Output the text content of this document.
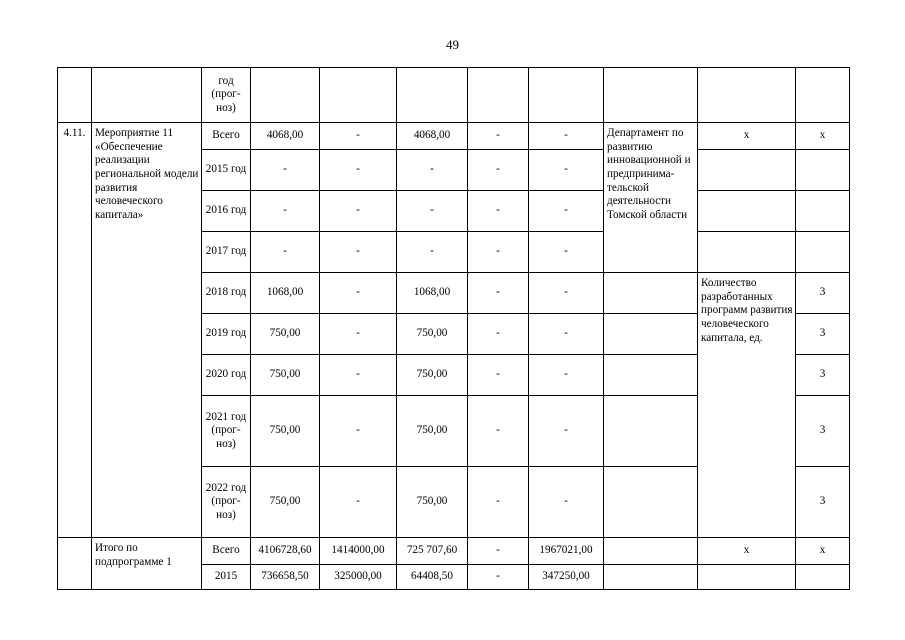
49
		год (прог-ноз)								
4.11.	Мероприятие 11 «Обеспечение реализации региональной модели развития человеческого капитала»	Всего	4068,00	-	4068,00	-	-	Департамент по развитию инновационной и предпринима-тельской деятельности Томской области	x	x
		2015 год	-	-	-	-	-			
		2016 год	-	-	-	-	-			
		2017 год	-	-	-	-	-			
		2018 год	1068,00	-	1068,00	-	-		Количество разработанных программ развития человеческого капитала, ед.	3
		2019 год	750,00	-	750,00	-	-			3
		2020 год	750,00	-	750,00	-	-			3
		2021 год (прог-ноз)	750,00	-	750,00	-	-			3
		2022 год (прог-ноз)	750,00	-	750,00	-	-			3
	Итого по подпрограмме 1	Всего	4106728,60	1414000,00	725 707,60	-	1967021,00		x	x
		2015	736658,50	325000,00	64408,50	-	347250,00			
